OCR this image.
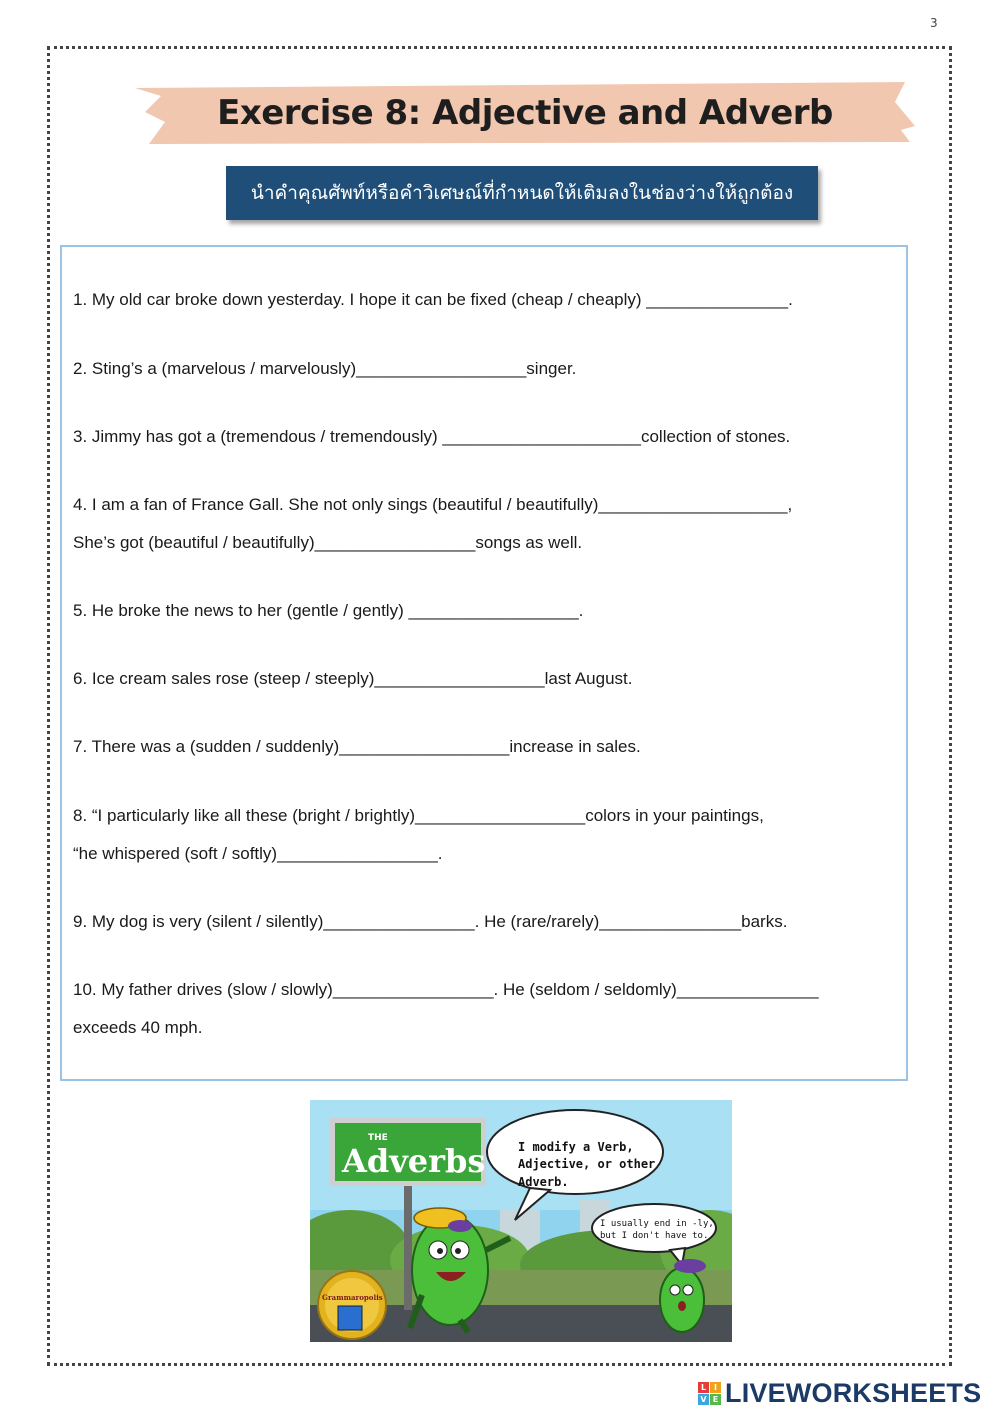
3
Exercise 8: Adjective and Adverb
นำคำคุณศัพท์หรือคำวิเศษณ์ที่กำหนดให้เติมลงในช่องว่างให้ถูกต้อง
1. My old car broke down yesterday. I hope it can be fixed (cheap / cheaply) _______________.
2. Sting’s a (marvelous / marvelously)__________________singer.
3. Jimmy has got a (tremendous / tremendously) _____________________collection of stones.
4. I am a fan of France Gall. She not only sings (beautiful / beautifully)____________________,
She’s got (beautiful / beautifully)_________________songs as well.
5. He broke the news to her (gentle / gently) __________________.
6. Ice cream sales rose (steep / steeply)__________________last August.
7. There was a (sudden / suddenly)__________________increase in sales.
8. “I particularly like all these (bright / brightly)__________________colors in your paintings,
“he whispered (soft / softly)_________________.
9. My dog is very (silent / silently)________________. He (rare/rarely)_______________barks.
10. My father drives (slow / slowly)_________________. He (seldom / seldomly)_______________
exceeds 40 mph.
THE
Adverbs	I modify a Verb,
Adjective, or other
Adverb.
I usually end in -ly,
but I don't have to.
Grammaropolis
L I
V E LIVEWORKSHEETS
